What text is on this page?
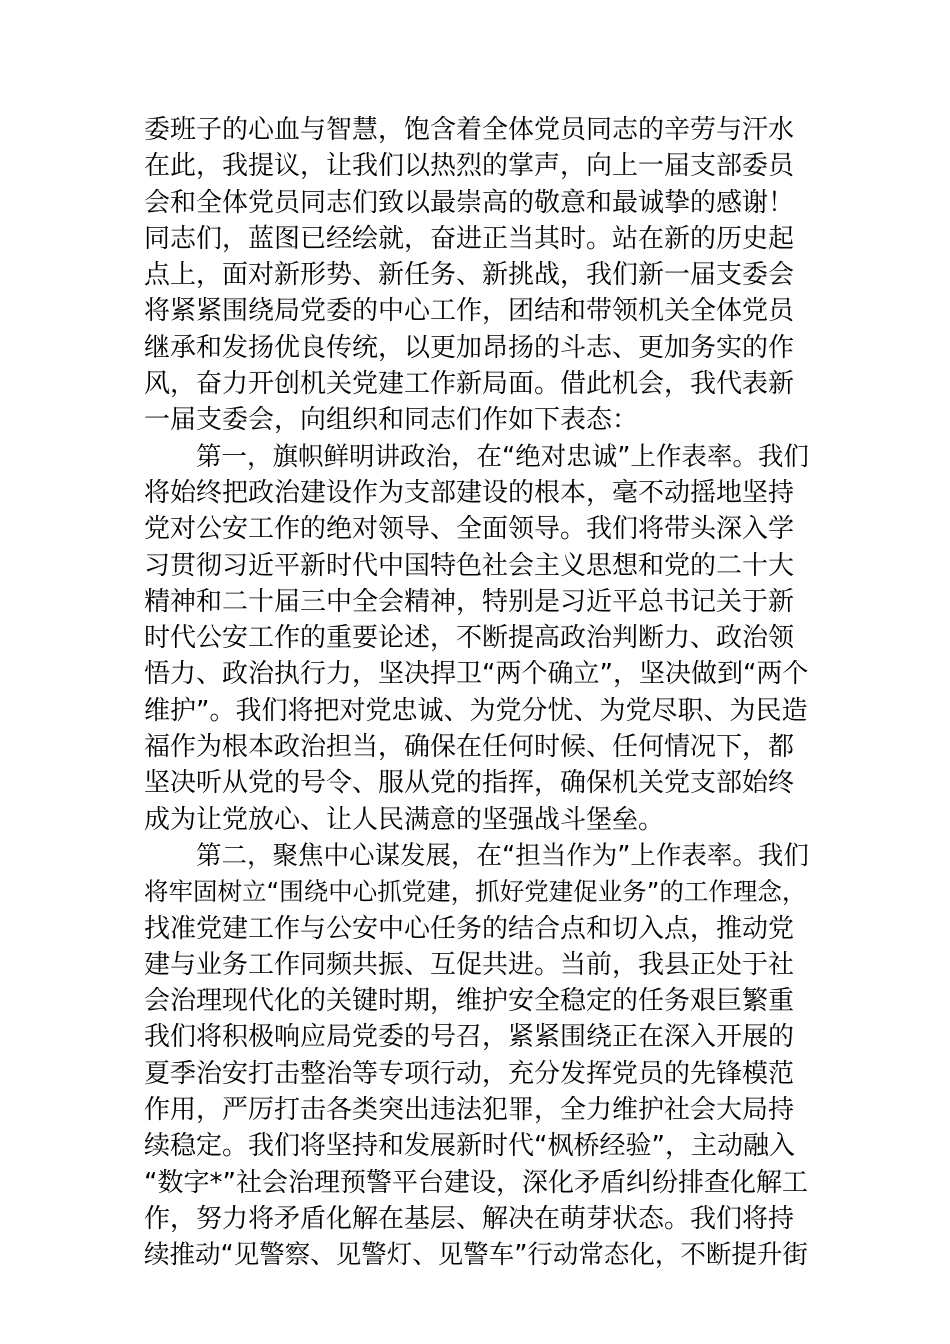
委班子的心血与智慧，饱含着全体党员同志的辛劳与汗水
在此，我提议，让我们以热烈的掌声，向上一届支部委员
会和全体党员同志们致以最崇高的敬意和最诚挚的感谢！
同志们，蓝图已经绘就，奋进正当其时。站在新的历史起
点上，面对新形势、新任务、新挑战，我们新一届支委会
将紧紧围绕局党委的中心工作，团结和带领机关全体党员
继承和发扬优良传统，以更加昂扬的斗志、更加务实的作
风，奋力开创机关党建工作新局面。借此机会，我代表新
一届支委会，向组织和同志们作如下表态：
第一，旗帜鲜明讲政治，在“绝对忠诚”上作表率。我们
将始终把政治建设作为支部建设的根本，毫不动摇地坚持
党对公安工作的绝对领导、全面领导。我们将带头深入学
习贯彻习近平新时代中国特色社会主义思想和党的二十大
精神和二十届三中全会精神，特别是习近平总书记关于新
时代公安工作的重要论述，不断提高政治判断力、政治领
悟力、政治执行力，坚决捍卫“两个确立”，坚决做到“两个
维护”。我们将把对党忠诚、为党分忧、为党尽职、为民造
福作为根本政治担当，确保在任何时候、任何情况下，都
坚决听从党的号令、服从党的指挥，确保机关党支部始终
成为让党放心、让人民满意的坚强战斗堡垒。
第二，聚焦中心谋发展，在“担当作为”上作表率。我们
将牢固树立“围绕中心抓党建，抓好党建促业务”的工作理念，
找准党建工作与公安中心任务的结合点和切入点，推动党
建与业务工作同频共振、互促共进。当前，我县正处于社
会治理现代化的关键时期，维护安全稳定的任务艰巨繁重
我们将积极响应局党委的号召，紧紧围绕正在深入开展的
夏季治安打击整治等专项行动，充分发挥党员的先锋模范
作用，严厉打击各类突出违法犯罪，全力维护社会大局持
续稳定。我们将坚持和发展新时代“枫桥经验”，主动融入
“数字*”社会治理预警平台建设，深化矛盾纠纷排查化解工
作，努力将矛盾化解在基层、解决在萌芽状态。我们将持
续推动“见警察、见警灯、见警车”行动常态化，不断提升街
